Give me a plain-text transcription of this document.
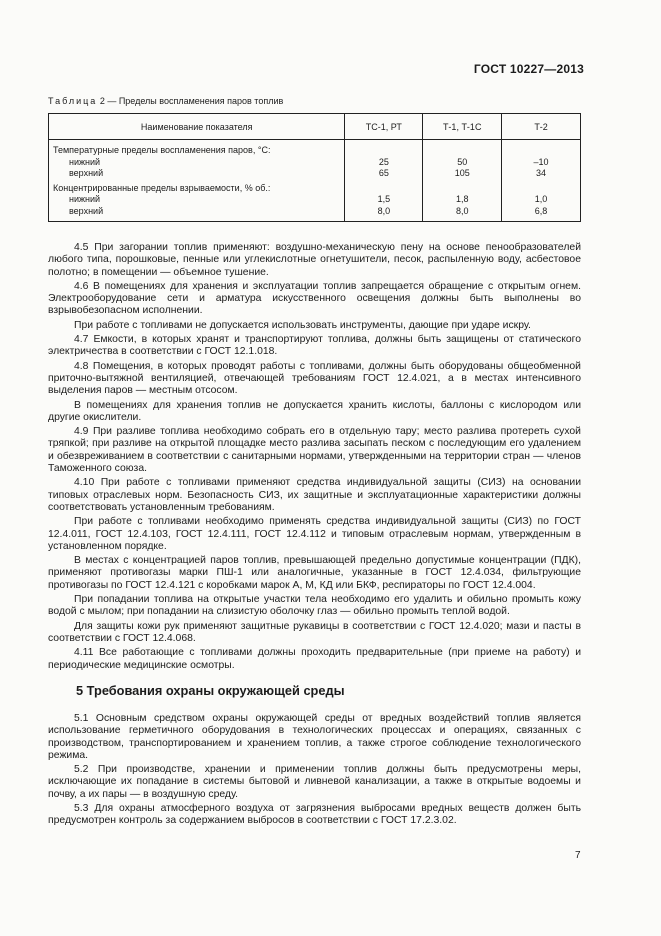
ГОСТ 10227—2013
Таблица 2 — Пределы воспламенения паров топлив
Наименование показателя	ТС-1, РТ	Т-1, Т-1С	Т-2
Температурные пределы воспламенения паров, °С:			
нижний	25	50	–10
верхний	65	105	34
Концентрированные пределы взрываемости, % об.:			
нижний	1,5	1,8	1,0
верхний	8,0	8,0	6,8

4.5 При загорании топлив применяют: воздушно-механическую пену на основе пенообразователей любого типа, порошковые, пенные или углекислотные огнетушители, песок, распыленную воду, асбестовое полотно; в помещении — объемное тушение.

4.6 В помещениях для хранения и эксплуатации топлив запрещается обращение с открытым огнем. Электрооборудование сети и арматура искусственного освещения должны быть выполнены во взрывобезопасном исполнении.

При работе с топливами не допускается использовать инструменты, дающие при ударе искру.

4.7 Емкости, в которых хранят и транспортируют топлива, должны быть защищены от статического электричества в соответствии с ГОСТ 12.1.018.

4.8 Помещения, в которых проводят работы с топливами, должны быть оборудованы общеобменной приточно-вытяжной вентиляцией, отвечающей требованиям ГОСТ 12.4.021, а в местах интенсивного выделения паров — местным отсосом.

В помещениях для хранения топлив не допускается хранить кислоты, баллоны с кислородом или другие окислители.

4.9 При разливе топлива необходимо собрать его в отдельную тару; место разлива протереть сухой тряпкой; при разливе на открытой площадке место разлива засыпать песком с последующим его удалением и обезвреживанием в соответствии с санитарными нормами, утвержденными на территории стран — членов Таможенного союза.

4.10 При работе с топливами применяют средства индивидуальной защиты (СИЗ) на основании типовых отраслевых норм. Безопасность СИЗ, их защитные и эксплуатационные характеристики должны соответствовать установленным требованиям.

При работе с топливами необходимо применять средства индивидуальной защиты (СИЗ) по ГОСТ 12.4.011, ГОСТ 12.4.103, ГОСТ 12.4.111, ГОСТ 12.4.112 и типовым отраслевым нормам, утвержденным в установленном порядке.

В местах с концентрацией паров топлив, превышающей предельно допустимые концентрации (ПДК), применяют противогазы марки ПШ-1 или аналогичные, указанные в ГОСТ 12.4.034, фильтрующие противогазы по ГОСТ 12.4.121 с коробками марок А, М, КД или БКФ, респираторы по ГОСТ 12.4.004.

При попадании топлива на открытые участки тела необходимо его удалить и обильно промыть кожу водой с мылом; при попадании на слизистую оболочку глаз — обильно промыть теплой водой.

Для защиты кожи рук применяют защитные рукавицы в соответствии с ГОСТ 12.4.020; мази и пасты в соответствии с ГОСТ 12.4.068.

4.11 Все работающие с топливами должны проходить предварительные (при приеме на работу) и периодические медицинские осмотры.

5 Требования охраны окружающей среды

5.1 Основным средством охраны окружающей среды от вредных воздействий топлив является использование герметичного оборудования в технологических процессах и операциях, связанных с производством, транспортированием и хранением топлив, а также строгое соблюдение технологического режима.

5.2 При производстве, хранении и применении топлив должны быть предусмотрены меры, исключающие их попадание в системы бытовой и ливневой канализации, а также в открытые водоемы и почву, а их пары — в воздушную среду.

5.3 Для охраны атмосферного воздуха от загрязнения выбросами вредных веществ должен быть предусмотрен контроль за содержанием выбросов в соответствии с ГОСТ 17.2.3.02.

7
